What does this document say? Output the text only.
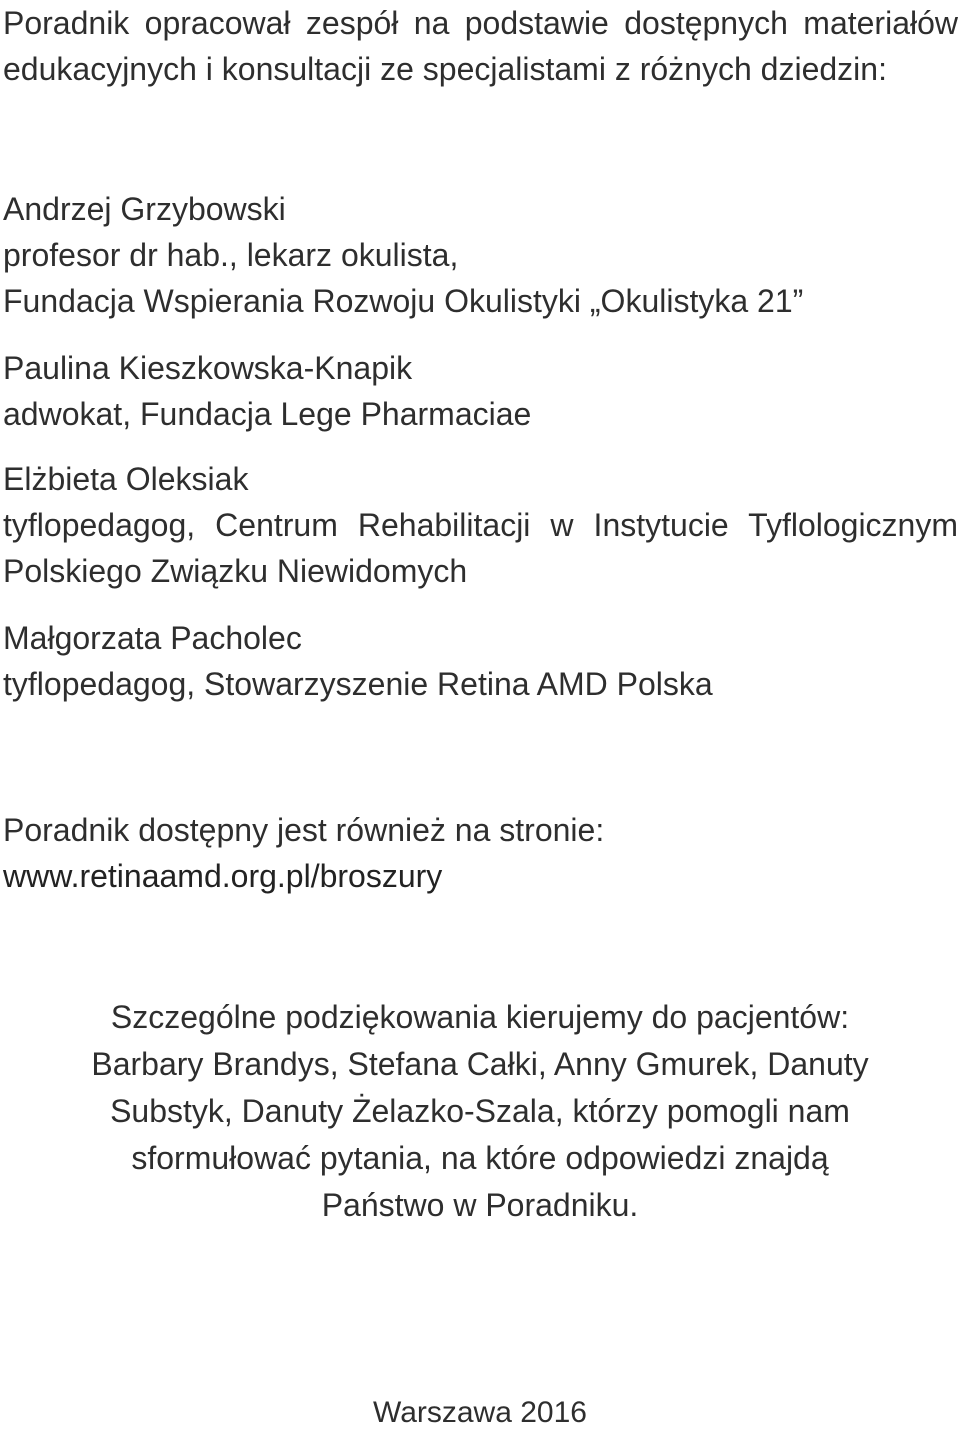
Poradnik opracował zespół na podstawie dostępnych materiałów edukacyjnych i konsultacji ze specjalistami z różnych dziedzin:

Andrzej Grzybowski
profesor dr hab., lekarz okulista,
Fundacja Wspierania Rozwoju Okulistyki „Okulistyka 21”
Paulina Kieszkowska-Knapik
adwokat, Fundacja Lege Pharmaciae
Elżbieta Oleksiak
tyflopedagog, Centrum Rehabilitacji w Instytucie Tyflologicznym Polskiego Związku Niewidomych
Małgorzata Pacholec
tyflopedagog, Stowarzyszenie Retina AMD Polska
Poradnik dostępny jest również na stronie:
www.retinaamd.org.pl/broszury
Szczególne podziękowania kierujemy do pacjentów:
Barbary Brandys, Stefana Całki, Anny Gmurek, Danuty
Substyk, Danuty Żelazko-Szala, którzy pomogli nam
sformułować pytania, na które odpowiedzi znajdą
Państwo w Poradniku.

Warszawa 2016
